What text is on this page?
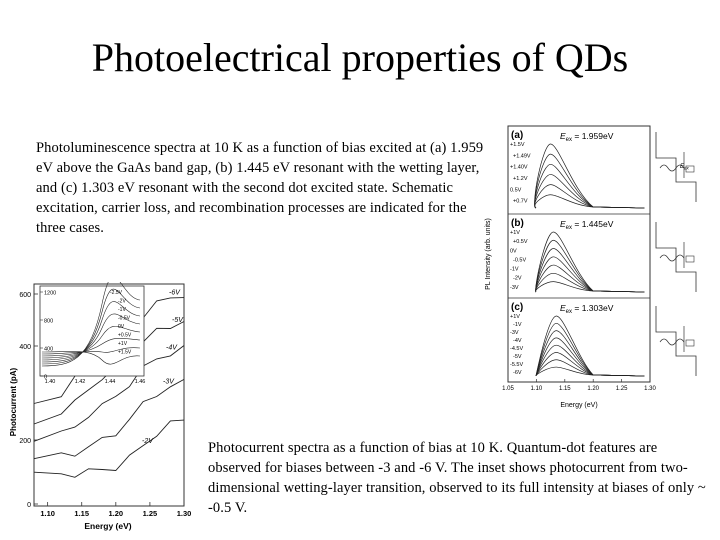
Photoelectrical properties of QDs
Photoluminescence spectra at 10 K as a function of bias excited at (a) 1.959 eV above the GaAs band gap, (b) 1.445 eV resonant with the wetting layer, and (c) 1.303 eV resonant with the second dot excited state. Schematic excitation, carrier loss, and recombination processes are indicated for the three cases.
0
200
400
600
1.10	1.15	1.20	1.25	1.30
-6V
-5V
-4V
-3V
-2V
Photocurrent (pA)
Energy (eV)
0
400
800
1200
1.40	1.42	1.44	1.46
-2.5V
-2V
-1V
-0.5V
0V
+0.5V
+1V
+1.5V
(a)	$E_{ex} = 1.959eV$
+1.5V
+1.49V
+1.40V
+1.2V
0.5V
+0.7V
(b)	$E_{ex} = 1.445eV$
+1V
+0.5V
0V
-0.5V
-1V
-2V
-3V
(c)	$E_{ex} = 1.303eV$
+1V
-1V
-3V
-4V
-4.5V
-5V
-5.5V
-6V
1.05	1.10	1.15	1.20	1.25	1.30
PL Intensity (arb. units)
Energy (eV)
$E_{ex}$
Photocurrent spectra as a function of bias at 10 K. Quantum-dot features are observed for biases between -3 and -6 V. The inset shows photocurrent from two-dimensional wetting-layer transition, observed to its full intensity at biases of only ~ -0.5 V.
